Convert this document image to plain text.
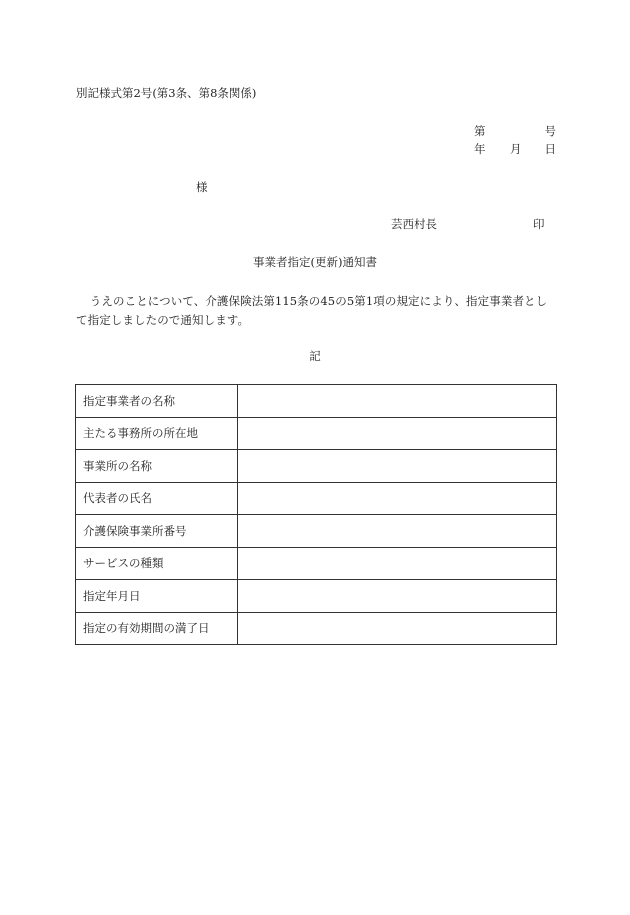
別記様式第2号(第3条、第8条関係)
第	号
年 月 日
様
芸西村長	印
事業者指定(更新)通知書
うえのことについて、介護保険法第115条の45の5第1項の規定により、指定事業者として指定しましたので通知します。
記
指定事業者の名称	
主たる事務所の所在地	
事業所の名称	
代表者の氏名	
介護保険事業所番号	
サービスの種類	
指定年月日	
指定の有効期間の満了日	
